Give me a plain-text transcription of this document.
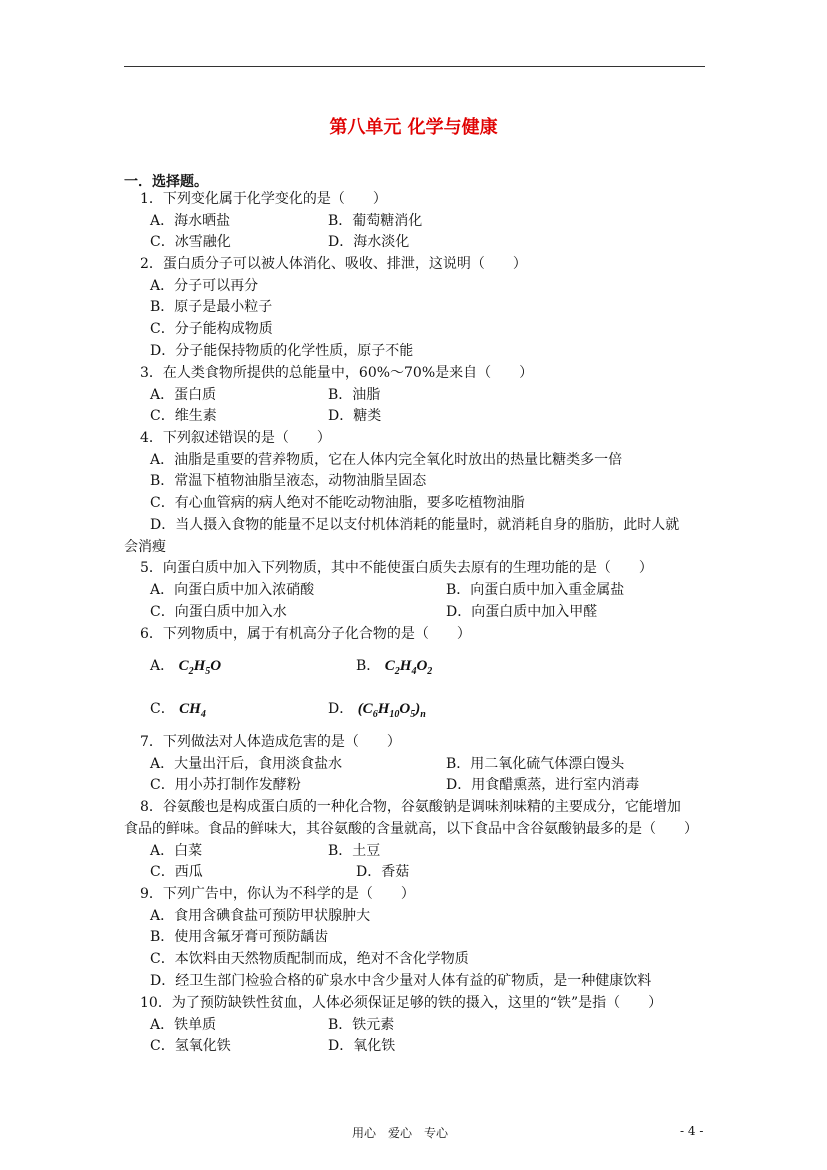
第八单元 化学与健康
一．选择题。
1．下列变化属于化学变化的是（　　）
A．海水晒盐	B．葡萄糖消化
C．冰雪融化	D．海水淡化
2．蛋白质分子可以被人体消化、吸收、排泄，这说明（　　）
A．分子可以再分
B．原子是最小粒子
C．分子能构成物质
D．分子能保持物质的化学性质，原子不能
3．在人类食物所提供的总能量中，60%～70%是来自（　　）
A．蛋白质	B．油脂
C．维生素	D．糖类
4．下列叙述错误的是（　　）
A．油脂是重要的营养物质，它在人体内完全氧化时放出的热量比糖类多一倍
B．常温下植物油脂呈液态，动物油脂呈固态
C．有心血管病的病人绝对不能吃动物油脂，要多吃植物油脂
D．当人摄入食物的能量不足以支付机体消耗的能量时，就消耗自身的脂肪，此时人就
会消瘦
5．向蛋白质中加入下列物质，其中不能使蛋白质失去原有的生理功能的是（　　）
A．向蛋白质中加入浓硝酸	B．向蛋白质中加入重金属盐
C．向蛋白质中加入水	D．向蛋白质中加入甲醛
6．下列物质中，属于有机高分子化合物的是（　　）
A． $C_2H_5O$	B． $C_2H_4O_2$
C． $CH_4$	D． $(C_6H_{10}O_5)_n$
7．下列做法对人体造成危害的是（　　）
A．大量出汗后，食用淡食盐水	B．用二氧化硫气体漂白馒头
C．用小苏打制作发酵粉	D．用食醋熏蒸，进行室内消毒
8．谷氨酸也是构成蛋白质的一种化合物，谷氨酸钠是调味剂味精的主要成分，它能增加
食品的鲜味。食品的鲜味大，其谷氨酸的含量就高，以下食品中含谷氨酸钠最多的是（　　）
A．白菜	B．土豆
C．西瓜	D．香菇
9．下列广告中，你认为不科学的是（　　）
A．食用含碘食盐可预防甲状腺肿大
B．使用含氟牙膏可预防龋齿
C．本饮料由天然物质配制而成，绝对不含化学物质
D．经卫生部门检验合格的矿泉水中含少量对人体有益的矿物质，是一种健康饮料
10．为了预防缺铁性贫血，人体必须保证足够的铁的摄入，这里的“铁”是指（　　）
A．铁单质	B．铁元素
C．氢氧化铁	D．氧化铁
用心　爱心　专心	- 4 -
